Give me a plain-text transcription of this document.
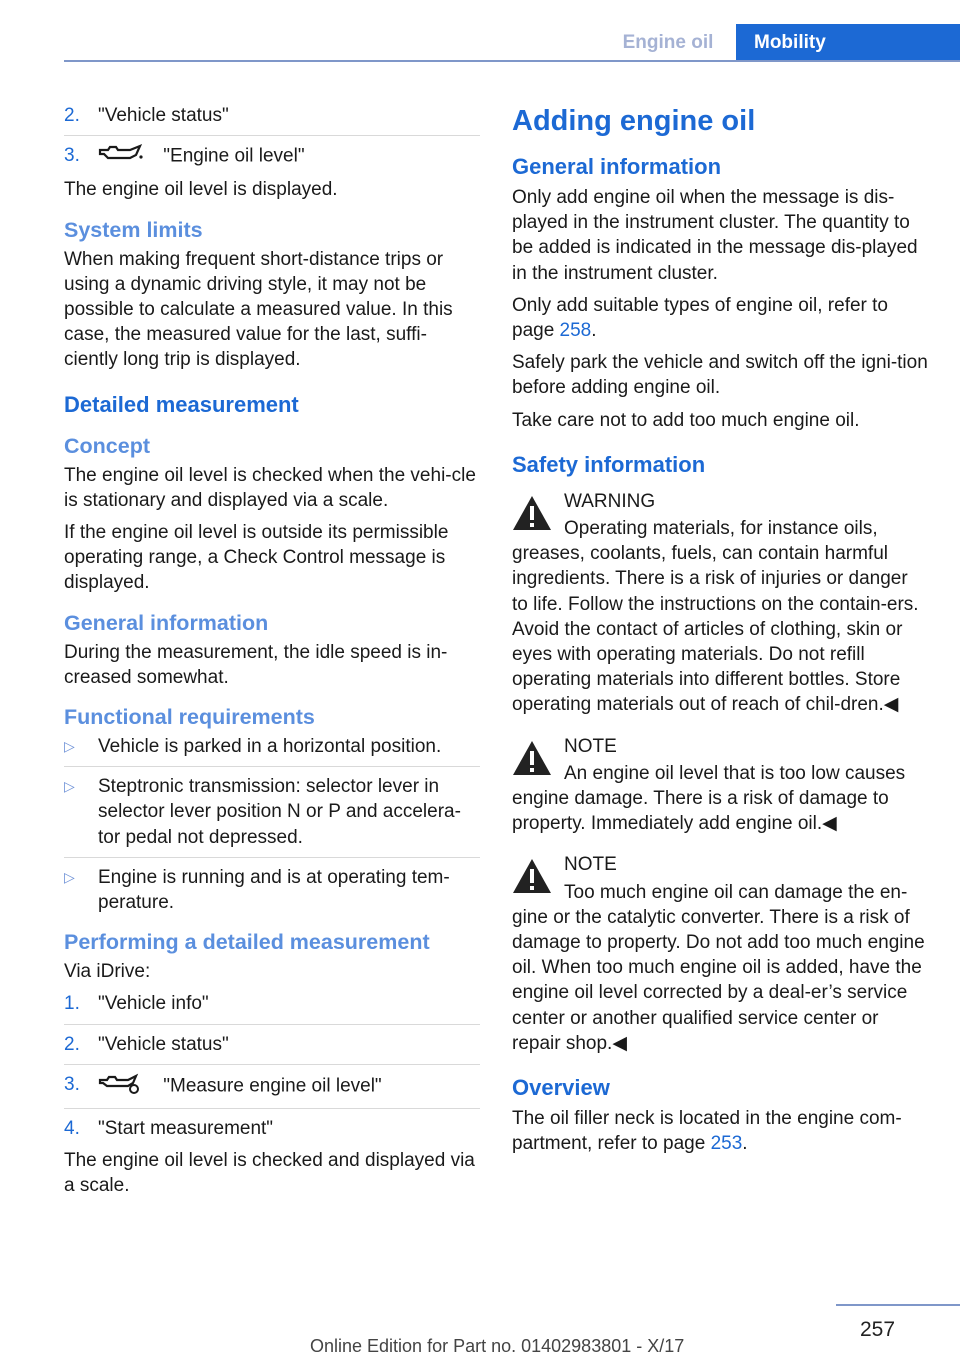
Engine oil	Mobility
2. "Vehicle status"
3.	"Engine oil level"

The engine oil level is displayed.

System limits

When making frequent short-distance trips or using a dynamic driving style, it may not be possible to calculate a measured value. In this case, the measured value for the last, suffi-ciently long trip is displayed.

Detailed measurement
Concept

The engine oil level is checked when the vehi-cle is stationary and displayed via a scale.

If the engine oil level is outside its permissible operating range, a Check Control message is displayed.

General information

During the measurement, the idle speed is in-creased somewhat.

Functional requirements
▷ Vehicle is parked in a horizontal position.
▷ Steptronic transmission: selector lever in selector lever position N or P and accelera-tor pedal not depressed.
▷ Engine is running and is at operating tem-perature.
Performing a detailed measurement

Via iDrive:

1. "Vehicle info"
2. "Vehicle status"
3.	"Measure engine oil level"
4. "Start measurement"

The engine oil level is checked and displayed via a scale.

Adding engine oil
General information

Only add engine oil when the message is dis-played in the instrument cluster. The quantity to be added is indicated in the message dis-played in the instrument cluster.

Only add suitable types of engine oil, refer to page 258.

Safely park the vehicle and switch off the igni-tion before adding engine oil.

Take care not to add too much engine oil.

Safety information
WARNING

Operating materials, for instance oils, greases, coolants, fuels, can contain harmful ingredients. There is a risk of injuries or danger to life. Follow the instructions on the contain-ers. Avoid the contact of articles of clothing, skin or eyes with operating materials. Do not refill operating materials into different bottles. Store operating materials out of reach of chil-dren.◀

NOTE

An engine oil level that is too low causes engine damage. There is a risk of damage to property. Immediately add engine oil.◀

NOTE

Too much engine oil can damage the en-gine or the catalytic converter. There is a risk of damage to property. Do not add too much engine oil. When too much engine oil is added, have the engine oil level corrected by a deal-er’s service center or another qualified service center or repair shop.◀

Overview

The oil filler neck is located in the engine com-partment, refer to page 253.

257
Online Edition for Part no. 01402983801 - X/17
